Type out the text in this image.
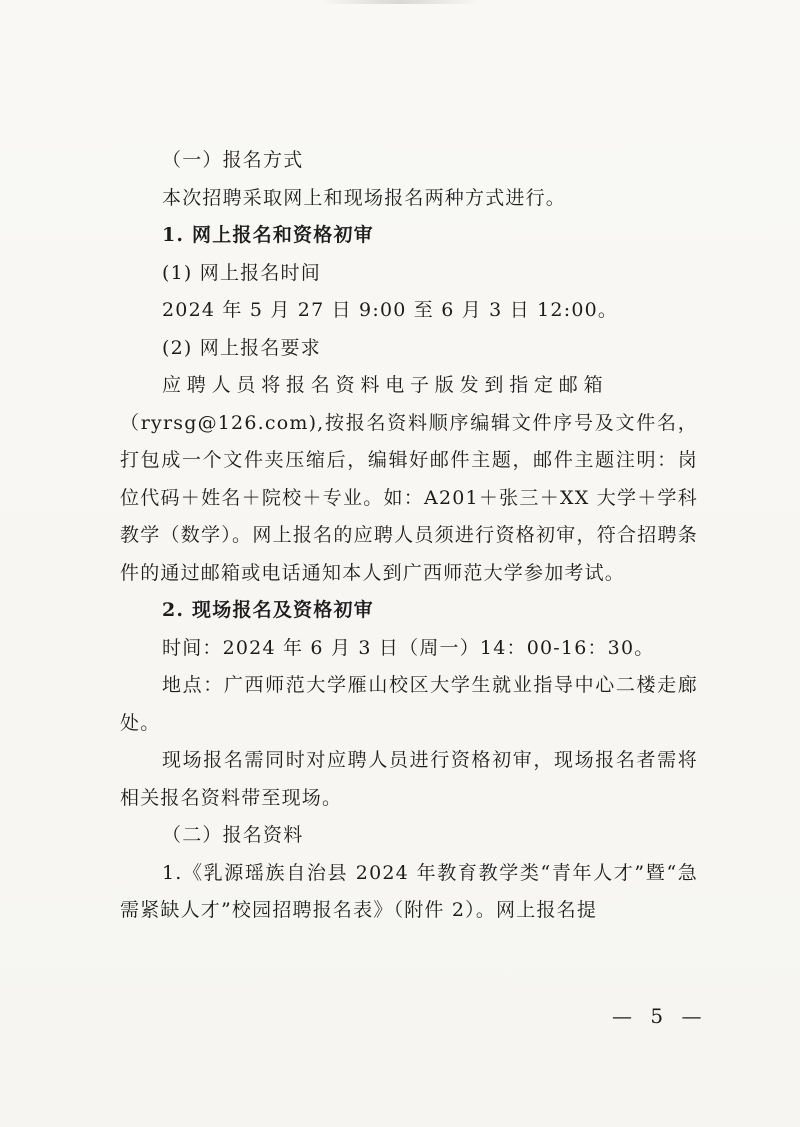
（一）报名方式

本次招聘采取网上和现场报名两种方式进行。

1. 网上报名和资格初审

(1) 网上报名时间

2024 年 5 月 27 日 9:00 至 6 月 3 日 12:00。

(2) 网上报名要求

应聘人员将报名资料电子版发到指定邮箱

（ryrsg@126.com),按报名资料顺序编辑文件序号及文件名，打包成一个文件夹压缩后，编辑好邮件主题，邮件主题注明：岗位代码＋姓名＋院校＋专业。如：A201＋张三＋XX 大学＋学科教学（数学）。网上报名的应聘人员须进行资格初审，符合招聘条件的通过邮箱或电话通知本人到广西师范大学参加考试。

2. 现场报名及资格初审

时间：2024 年 6 月 3 日（周一）14：00-16：30。

地点：广西师范大学雁山校区大学生就业指导中心二楼走廊处。

现场报名需同时对应聘人员进行资格初审，现场报名者需将相关报名资料带至现场。

（二）报名资料

1.《乳源瑶族自治县 2024 年教育教学类“青年人才”暨“急需紧缺人才”校园招聘报名表》（附件 2）。网上报名提

— 5 —
